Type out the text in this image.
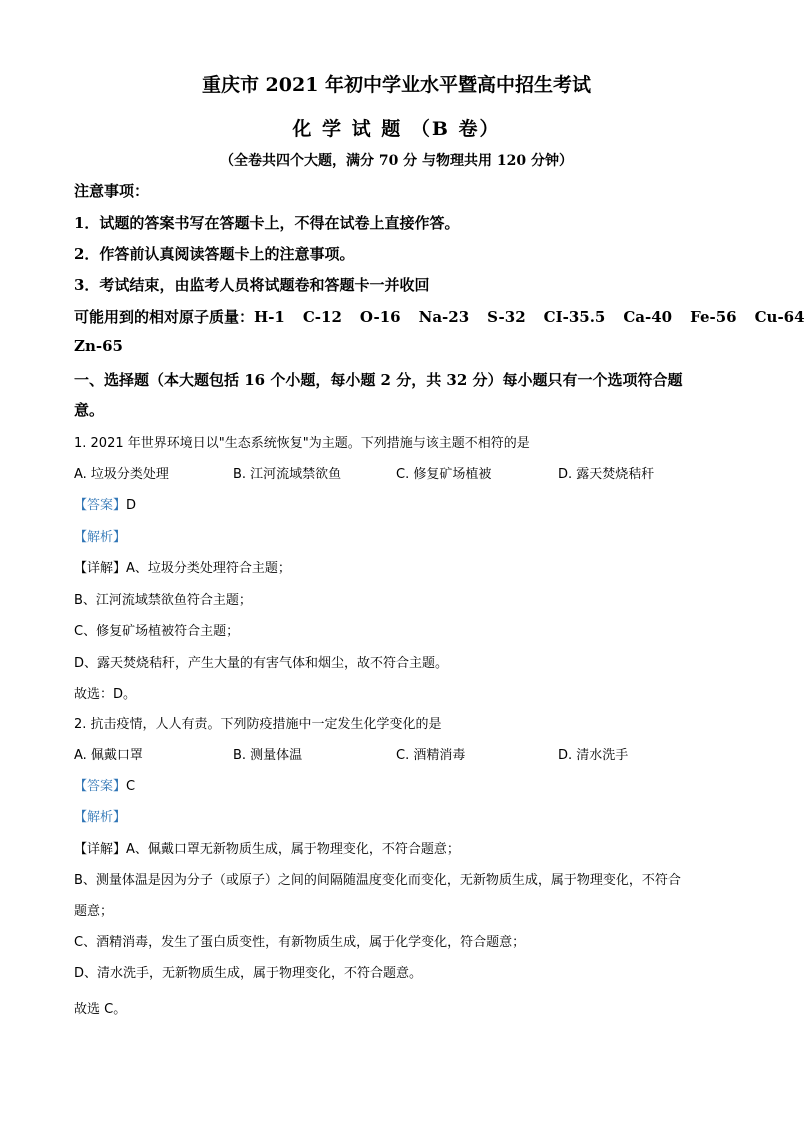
重庆市 2021 年初中学业水平暨高中招生考试
化 学 试 题 （B 卷）
（全卷共四个大题，满分 70 分 与物理共用 120 分钟）
注意事项：
1．试题的答案书写在答题卡上，不得在试卷上直接作答。
2．作答前认真阅读答题卡上的注意事项。
3．考试结束，由监考人员将试题卷和答题卡一并收回
可能用到的相对原子质量：H-1 C-12 O-16 Na-23 S-32 CI-35.5 Ca-40 Fe-56 Cu-64
Zn-65
一、选择题（本大题包括 16 个小题，每小题 2 分，共 32 分）每小题只有一个选项符合题
意。
1. 2021 年世界环境日以"生态系统恢复"为主题。下列措施与该主题不相符的是
A. 垃圾分类处理	B. 江河流域禁欲鱼	C. 修复矿场植被	D. 露天焚烧秸秆
【答案】D
【解析】
【详解】A、垃圾分类处理符合主题；
B、江河流域禁欲鱼符合主题；
C、修复矿场植被符合主题；
D、露天焚烧秸秆，产生大量的有害气体和烟尘，故不符合主题。
故选：D。
2. 抗击疫情，人人有责。下列防疫措施中一定发生化学变化的是
A. 佩戴口罩	B. 测量体温	C. 酒精消毒	D. 清水洗手
【答案】C
【解析】
【详解】A、佩戴口罩无新物质生成，属于物理变化，不符合题意；
B、测量体温是因为分子（或原子）之间的间隔随温度变化而变化，无新物质生成，属于物理变化，不符合
题意；
C、酒精消毒，发生了蛋白质变性，有新物质生成，属于化学变化，符合题意；
D、清水洗手，无新物质生成，属于物理变化，不符合题意。
故选 C。
